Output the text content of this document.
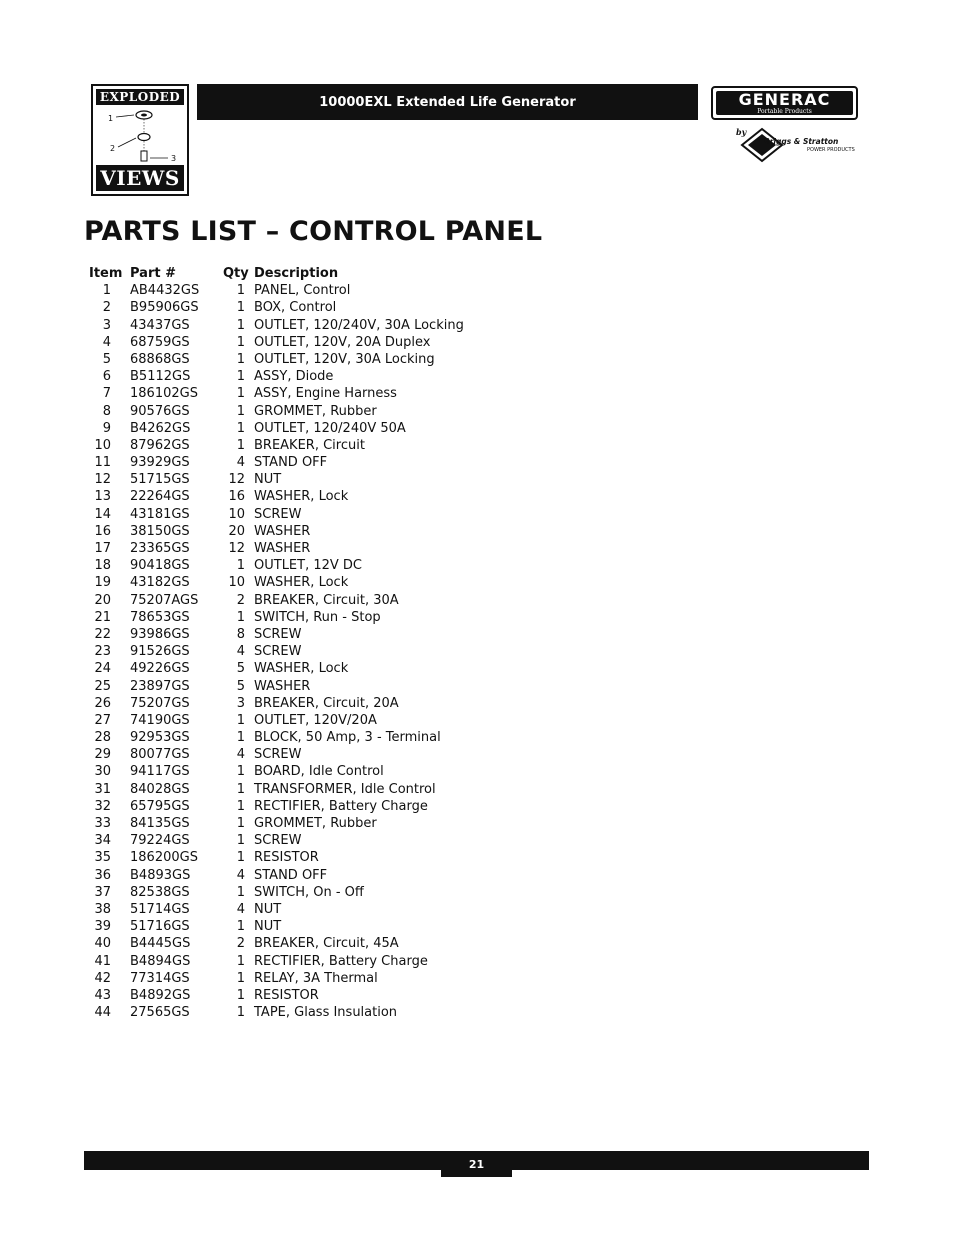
EXPLODED
1
2
3
VIEWS
10000EXL Extended Life Generator	GENERAC
Portable Products
by
Briggs & Stratton
POWER PRODUCTS
PARTS LIST – CONTROL PANEL
Item Part #	Qty Description
1 AB4432GS	1 PANEL, Control
2 B95906GS	1 BOX, Control
3 43437GS	1 OUTLET, 120/240V, 30A Locking
4 68759GS	1 OUTLET, 120V, 20A Duplex
5 68868GS	1 OUTLET, 120V, 30A Locking
6 B5112GS	1 ASSY, Diode
7 186102GS	1 ASSY, Engine Harness
8 90576GS	1 GROMMET, Rubber
9 B4262GS	1 OUTLET, 120/240V 50A
10 87962GS	1 BREAKER, Circuit
11 93929GS	4 STAND OFF
12 51715GS	12 NUT
13 22264GS	16 WASHER, Lock
14 43181GS	10 SCREW
16 38150GS	20 WASHER
17 23365GS	12 WASHER
18 90418GS	1 OUTLET, 12V DC
19 43182GS	10 WASHER, Lock
20 75207AGS	2 BREAKER, Circuit, 30A
21 78653GS	1 SWITCH, Run - Stop
22 93986GS	8 SCREW
23 91526GS	4 SCREW
24 49226GS	5 WASHER, Lock
25 23897GS	5 WASHER
26 75207GS	3 BREAKER, Circuit, 20A
27 74190GS	1 OUTLET, 120V/20A
28 92953GS	1 BLOCK, 50 Amp, 3 - Terminal
29 80077GS	4 SCREW
30 94117GS	1 BOARD, Idle Control
31 84028GS	1 TRANSFORMER, Idle Control
32 65795GS	1 RECTIFIER, Battery Charge
33 84135GS	1 GROMMET, Rubber
34 79224GS	1 SCREW
35 186200GS	1 RESISTOR
36 B4893GS	4 STAND OFF
37 82538GS	1 SWITCH, On - Off
38 51714GS	4 NUT
39 51716GS	1 NUT
40 B4445GS	2 BREAKER, Circuit, 45A
41 B4894GS	1 RECTIFIER, Battery Charge
42 77314GS	1 RELAY, 3A Thermal
43 B4892GS	1 RESISTOR
44 27565GS	1 TAPE, Glass Insulation
21
